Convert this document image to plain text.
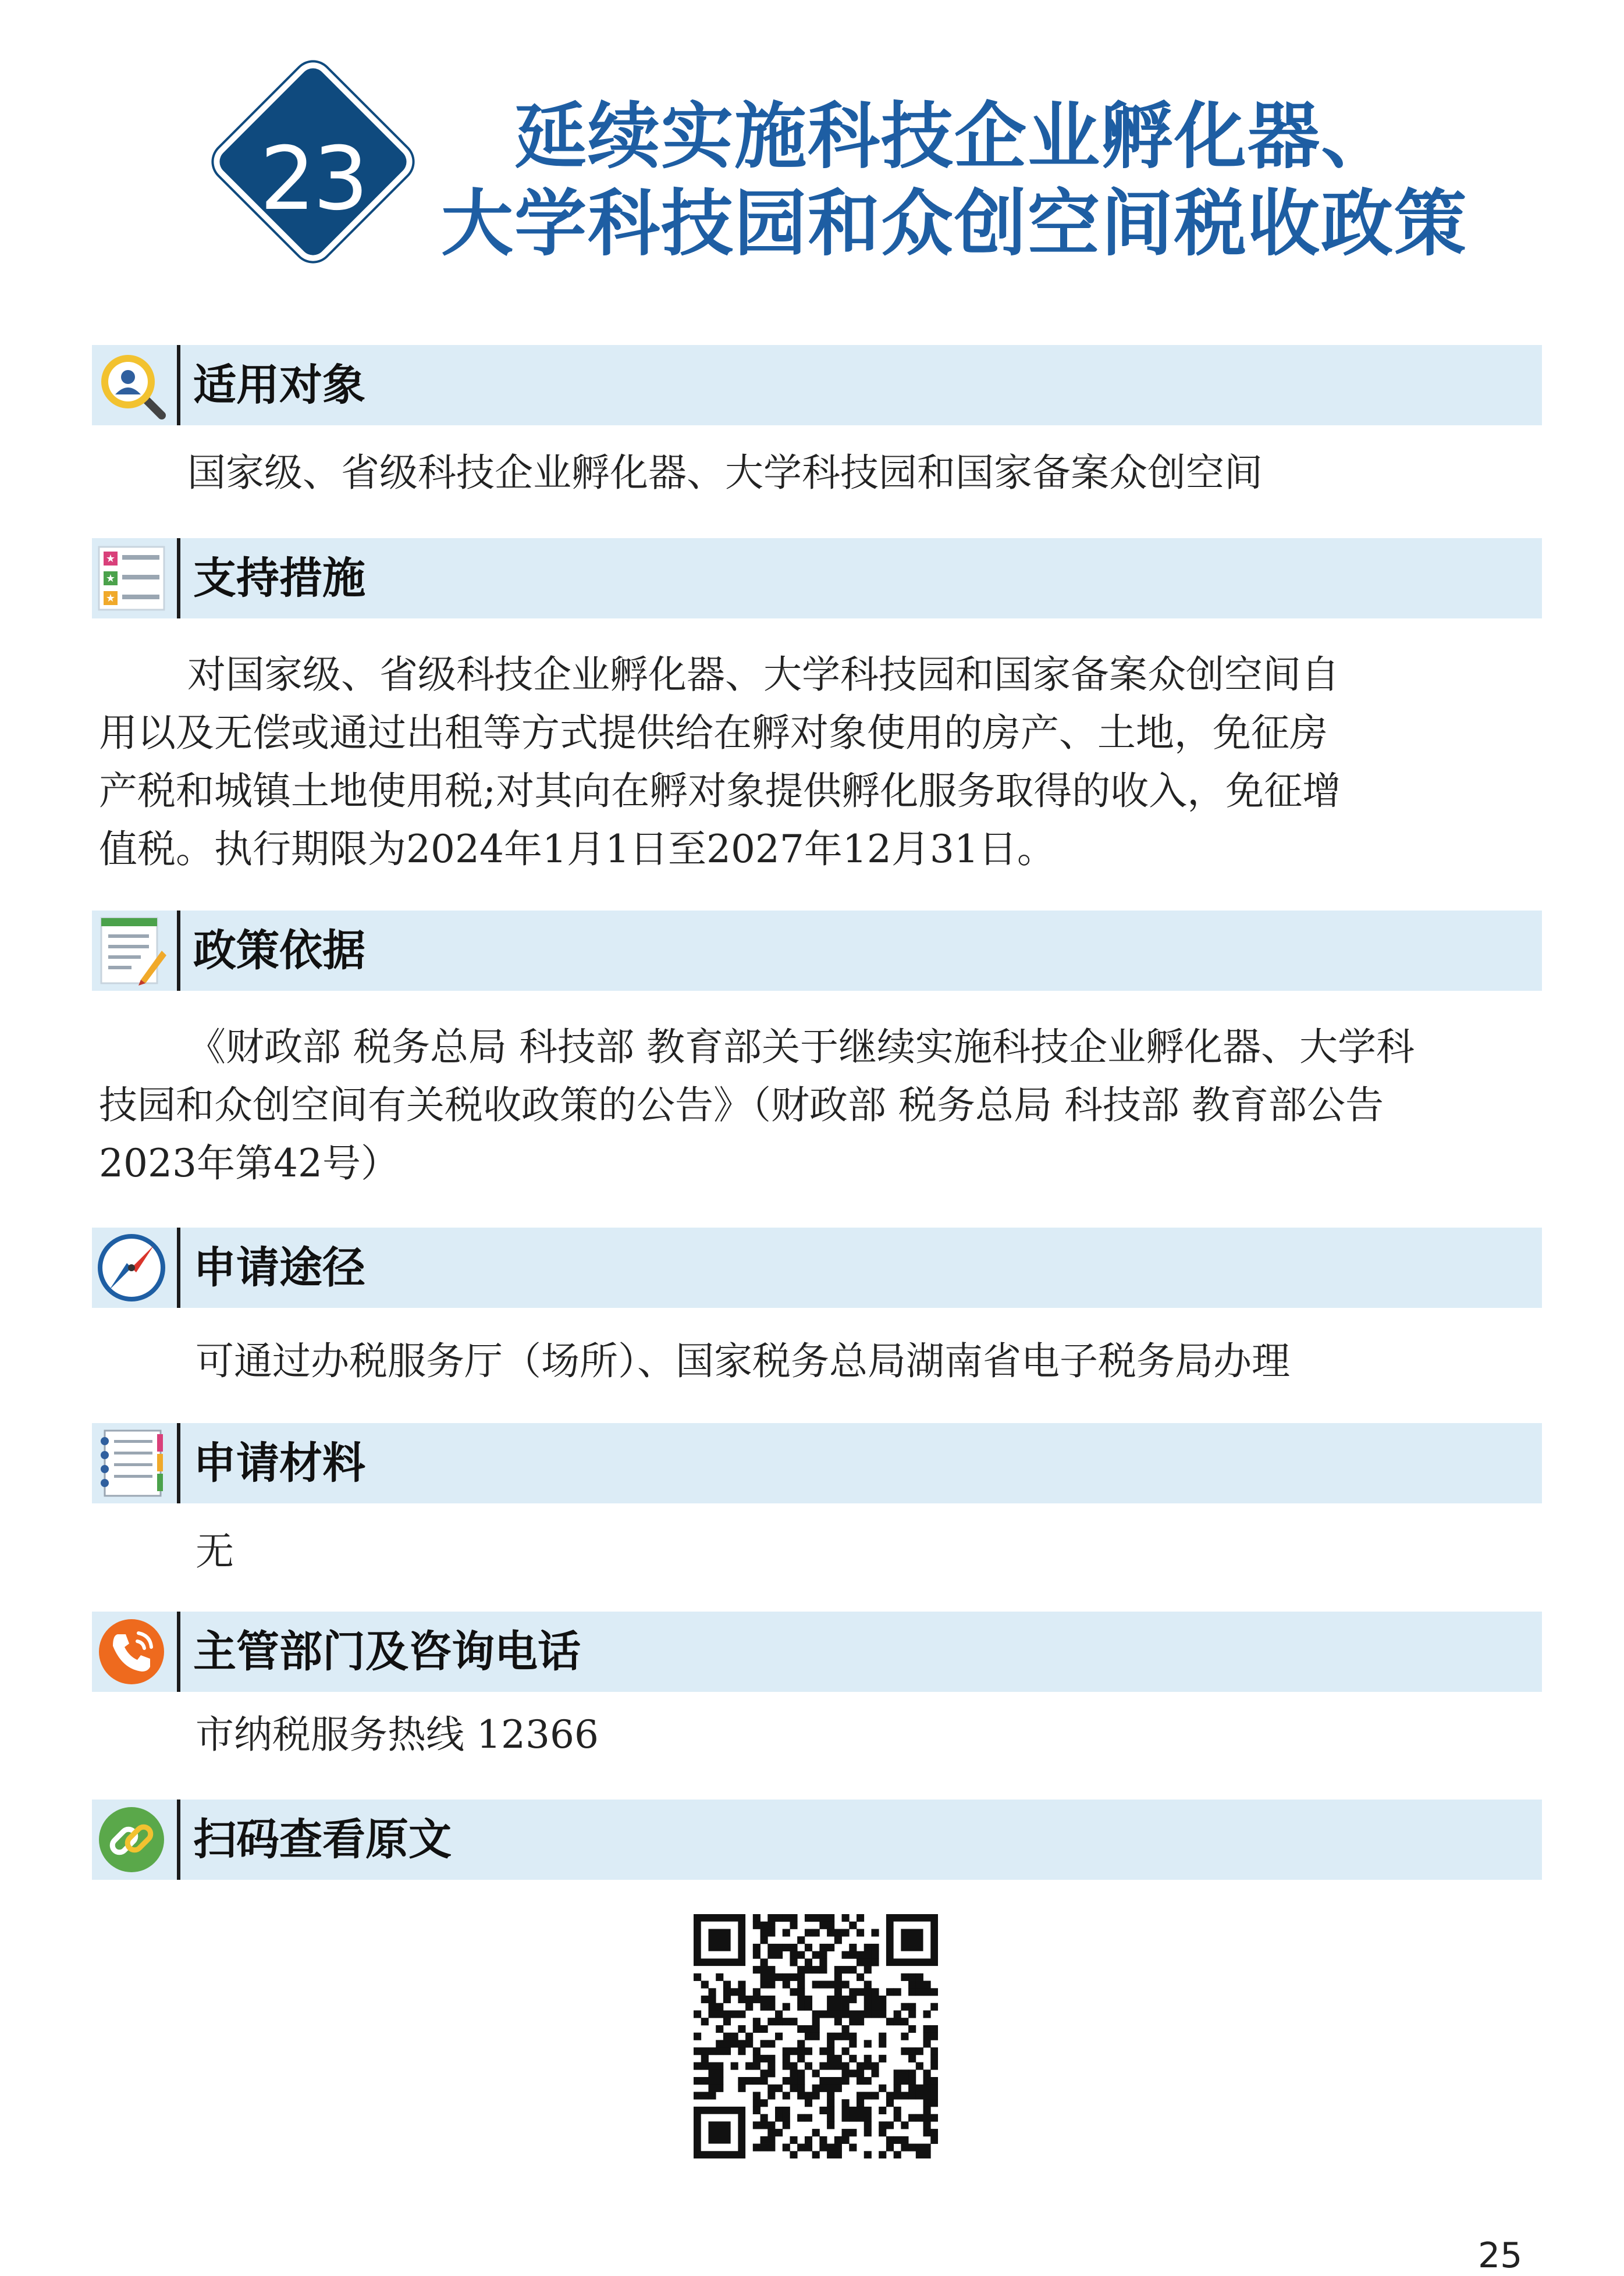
23	延续实施科技企业孵化器、
大学科技园和众创空间税收政策
适用对象
国家级、省级科技企业孵化器、大学科技园和国家备案众创空间
★
★
★ 支持措施
对国家级、省级科技企业孵化器、大学科技园和国家备案众创空间自
用以及无偿或通过出租等方式提供给在孵对象使用的房产、土地，免征房
产税和城镇土地使用税;对其向在孵对象提供孵化服务取得的收入，免征增
值税。执行期限为2024年1月1日至2027年12月31日。
政策依据
《财政部 税务总局 科技部 教育部关于继续实施科技企业孵化器、大学科
技园和众创空间有关税收政策的公告》（财政部 税务总局 科技部 教育部公告
2023年第42号）
申请途径
可通过办税服务厅（场所）、国家税务总局湖南省电子税务局办理
申请材料
无
主管部门及咨询电话
市纳税服务热线 12366
扫码查看原文
25
